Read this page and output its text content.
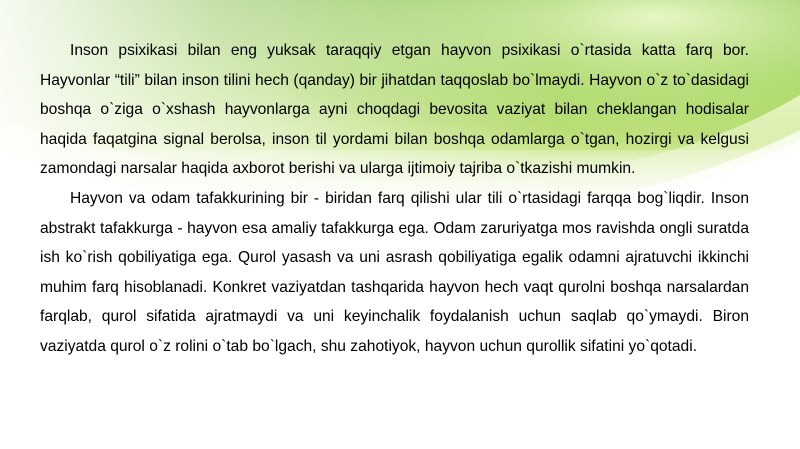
Inson psixikasi bilan eng yuksak taraqqiy etgan hayvon psixikasi o`rtasida katta farq bor. Hayvonlar “tili” bilan inson tilini hech (qanday) bir jihatdan taqqoslab bo`lmaydi. Hayvon o`z to`dasidagi boshqa o`ziga o`xshash hayvonlarga ayni choqdagi bevosita vaziyat bilan cheklangan hodisalar haqida faqatgina signal berolsa, inson til yordami bilan boshqa odamlarga o`tgan, hozirgi va kelgusi zamondagi narsalar haqida axborot berishi va ularga ijtimoiy tajriba o`tkazishi mumkin.

Hayvon va odam tafakkurining bir - biridan farq qilishi ular tili o`rtasidagi farqqa bog`liqdir. Inson abstrakt tafakkurga - hayvon esa amaliy tafakkurga ega. Odam zaruriyatga mos ravishda ongli suratda ish ko`rish qobiliyatiga ega. Qurol yasash va uni asrash qobiliyatiga egalik odamni ajratuvchi ikkinchi muhim farq hisoblanadi. Konkret vaziyatdan tashqarida hayvon hech vaqt qurolni boshqa narsalardan farqlab, qurol sifatida ajratmaydi va uni keyinchalik foydalanish uchun saqlab qo`ymaydi. Biron vaziyatda qurol o`z rolini o`tab bo`lgach, shu zahotiyok, hayvon uchun qurollik sifatini yo`qotadi.
